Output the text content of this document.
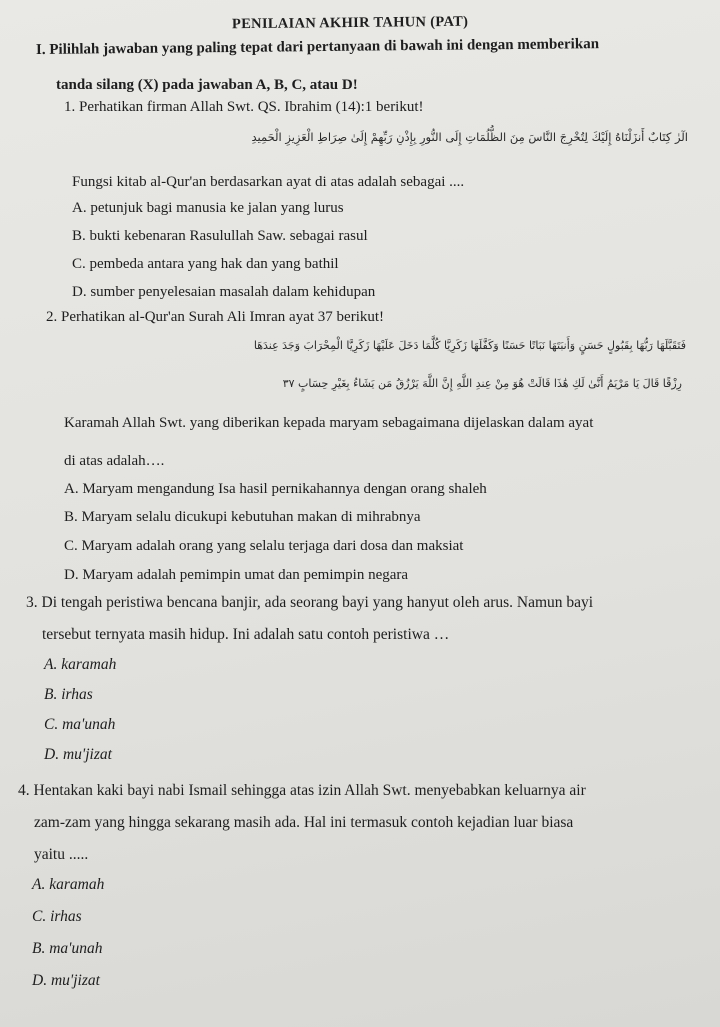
PENILAIAN AKHIR TAHUN (PAT)
I. Pilihlah jawaban yang paling tepat dari pertanyaan di bawah ini dengan memberikan
tanda silang (X) pada jawaban A, B, C, atau D!
1. Perhatikan firman Allah Swt. QS. Ibrahim (14):1 berikut!
الٓرٰ كِتَابٌ أَنزَلْنَاهُ إِلَيْكَ لِتُخْرِجَ النَّاسَ مِنَ الظُّلُمَاتِ إِلَى النُّورِ بِإِذْنِ رَبِّهِمْ إِلَىٰ صِرَاطِ الْعَزِيزِ الْحَمِيدِ
Fungsi kitab al-Qur'an berdasarkan ayat di atas adalah sebagai ....
A. petunjuk bagi manusia ke jalan yang lurus
B. bukti kebenaran Rasulullah Saw. sebagai rasul
C. pembeda antara yang hak dan yang bathil
D. sumber penyelesaian masalah dalam kehidupan
2. Perhatikan al-Qur'an Surah Ali Imran ayat 37 berikut!
فَتَقَبَّلَهَا رَبُّهَا بِقَبُولٍ حَسَنٍ وَأَنبَتَهَا نَبَاتًا حَسَنًا وَكَفَّلَهَا زَكَرِيَّا كُلَّمَا دَخَلَ عَلَيْهَا زَكَرِيَّا الْمِحْرَابَ وَجَدَ عِندَهَا
رِزْقًا قَالَ يَا مَرْيَمُ أَنَّىٰ لَكِ هَٰذَا قَالَتْ هُوَ مِنْ عِندِ اللَّهِ إِنَّ اللَّهَ يَرْزُقُ مَن يَشَاءُ بِغَيْرِ حِسَابٍ ٣٧
Karamah Allah Swt. yang diberikan kepada maryam sebagaimana dijelaskan dalam ayat
di atas adalah….
A. Maryam mengandung Isa hasil pernikahannya dengan orang shaleh
B. Maryam selalu dicukupi kebutuhan makan di mihrabnya
C. Maryam adalah orang yang selalu terjaga dari dosa dan maksiat
D. Maryam adalah pemimpin umat dan pemimpin negara
3. Di tengah peristiwa bencana banjir, ada seorang bayi yang hanyut oleh arus. Namun bayi
tersebut ternyata masih hidup. Ini adalah satu contoh peristiwa …
A. karamah
B. irhas
C. ma'unah
D. mu'jizat
4. Hentakan kaki bayi nabi Ismail sehingga atas izin Allah Swt. menyebabkan keluarnya air
zam-zam yang hingga sekarang masih ada. Hal ini termasuk contoh kejadian luar biasa
yaitu .....
A. karamah
C. irhas
B. ma'unah
D. mu'jizat
